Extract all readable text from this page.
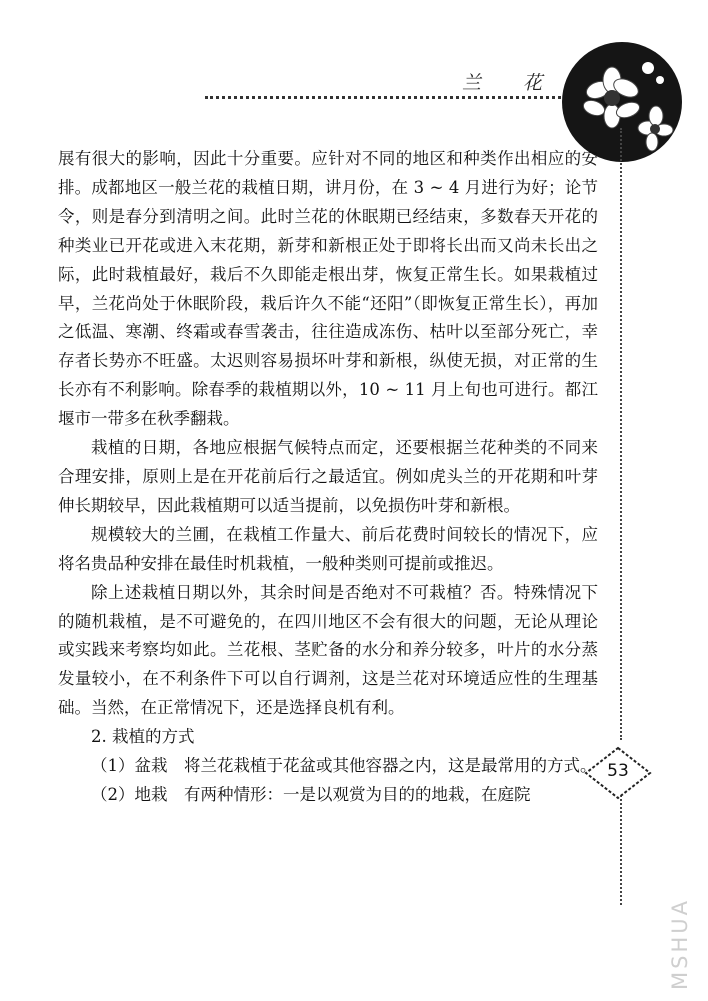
兰 花
53

展有很大的影响，因此十分重要。应针对不同的地区和种类作出相应的安排。成都地区一般兰花的栽植日期，讲月份，在 3 ~ 4 月进行为好；论节令，则是春分到清明之间。此时兰花的休眠期已经结束，多数春天开花的种类业已开花或进入末花期，新芽和新根正处于即将长出而又尚未长出之际，此时栽植最好，栽后不久即能走根出芽，恢复正常生长。如果栽植过早，兰花尚处于休眠阶段，栽后许久不能“还阳”（即恢复正常生长），再加之低温、寒潮、终霜或春雪袭击，往往造成冻伤、枯叶以至部分死亡，幸存者长势亦不旺盛。太迟则容易损坏叶芽和新根，纵使无损，对正常的生长亦有不利影响。除春季的栽植期以外，10 ~ 11 月上旬也可进行。都江堰市一带多在秋季翻栽。

栽植的日期，各地应根据气候特点而定，还要根据兰花种类的不同来合理安排，原则上是在开花前后行之最适宜。例如虎头兰的开花期和叶芽伸长期较早，因此栽植期可以适当提前，以免损伤叶芽和新根。

规模较大的兰圃，在栽植工作量大、前后花费时间较长的情况下，应将名贵品种安排在最佳时机栽植，一般种类则可提前或推迟。

除上述栽植日期以外，其余时间是否绝对不可栽植？否。特殊情况下的随机栽植，是不可避免的，在四川地区不会有很大的问题，无论从理论或实践来考察均如此。兰花根、茎贮备的水分和养分较多，叶片的水分蒸发量较小，在不利条件下可以自行调剂，这是兰花对环境适应性的生理基础。当然，在正常情况下，还是选择良机有利。

2. 栽植的方式

（1）盆栽　将兰花栽植于花盆或其他容器之内，这是最常用的方式。

（2）地栽　有两种情形：一是以观赏为目的的地栽，在庭院

MSHUA
